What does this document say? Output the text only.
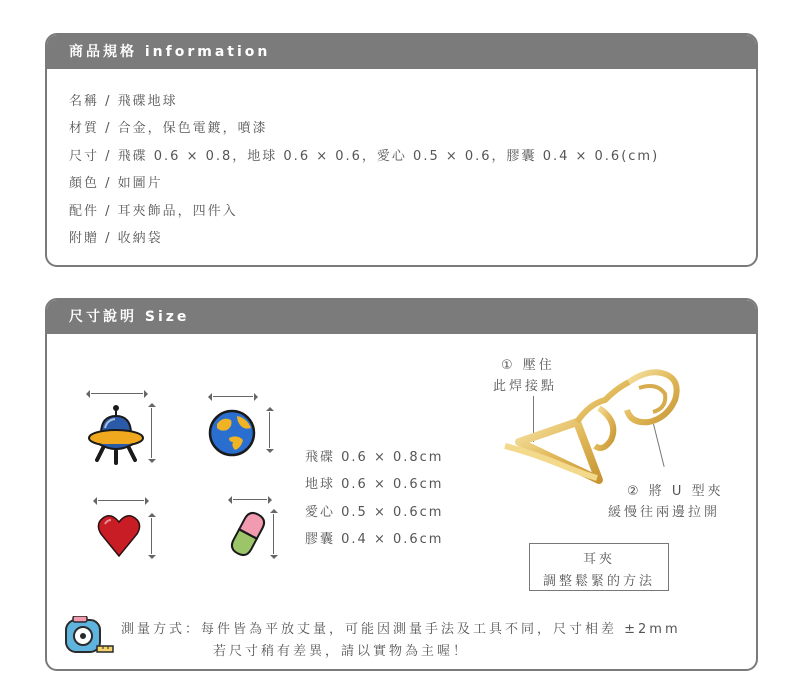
商品規格 information
名稱 / 飛碟地球
材質 / 合金，保色電鍍，噴漆
尺寸 / 飛碟 0.6 × 0.8，地球 0.6 × 0.6，愛心 0.5 × 0.6，膠囊 0.4 × 0.6(cm)
顏色 / 如圖片
配件 / 耳夾飾品，四件入
附贈 / 收納袋
尺寸說明 Size
飛碟 0.6 × 0.8cm
地球 0.6 × 0.6cm
愛心 0.5 × 0.6cm
膠囊 0.4 × 0.6cm
① 壓住
此焊接點
② 將 U 型夾
緩慢往兩邊拉開
耳夾
調整鬆緊的方法
測量方式：每件皆為平放丈量，可能因測量手法及工具不同，尺寸相差 ±2mm
若尺寸稍有差異，請以實物為主喔！
